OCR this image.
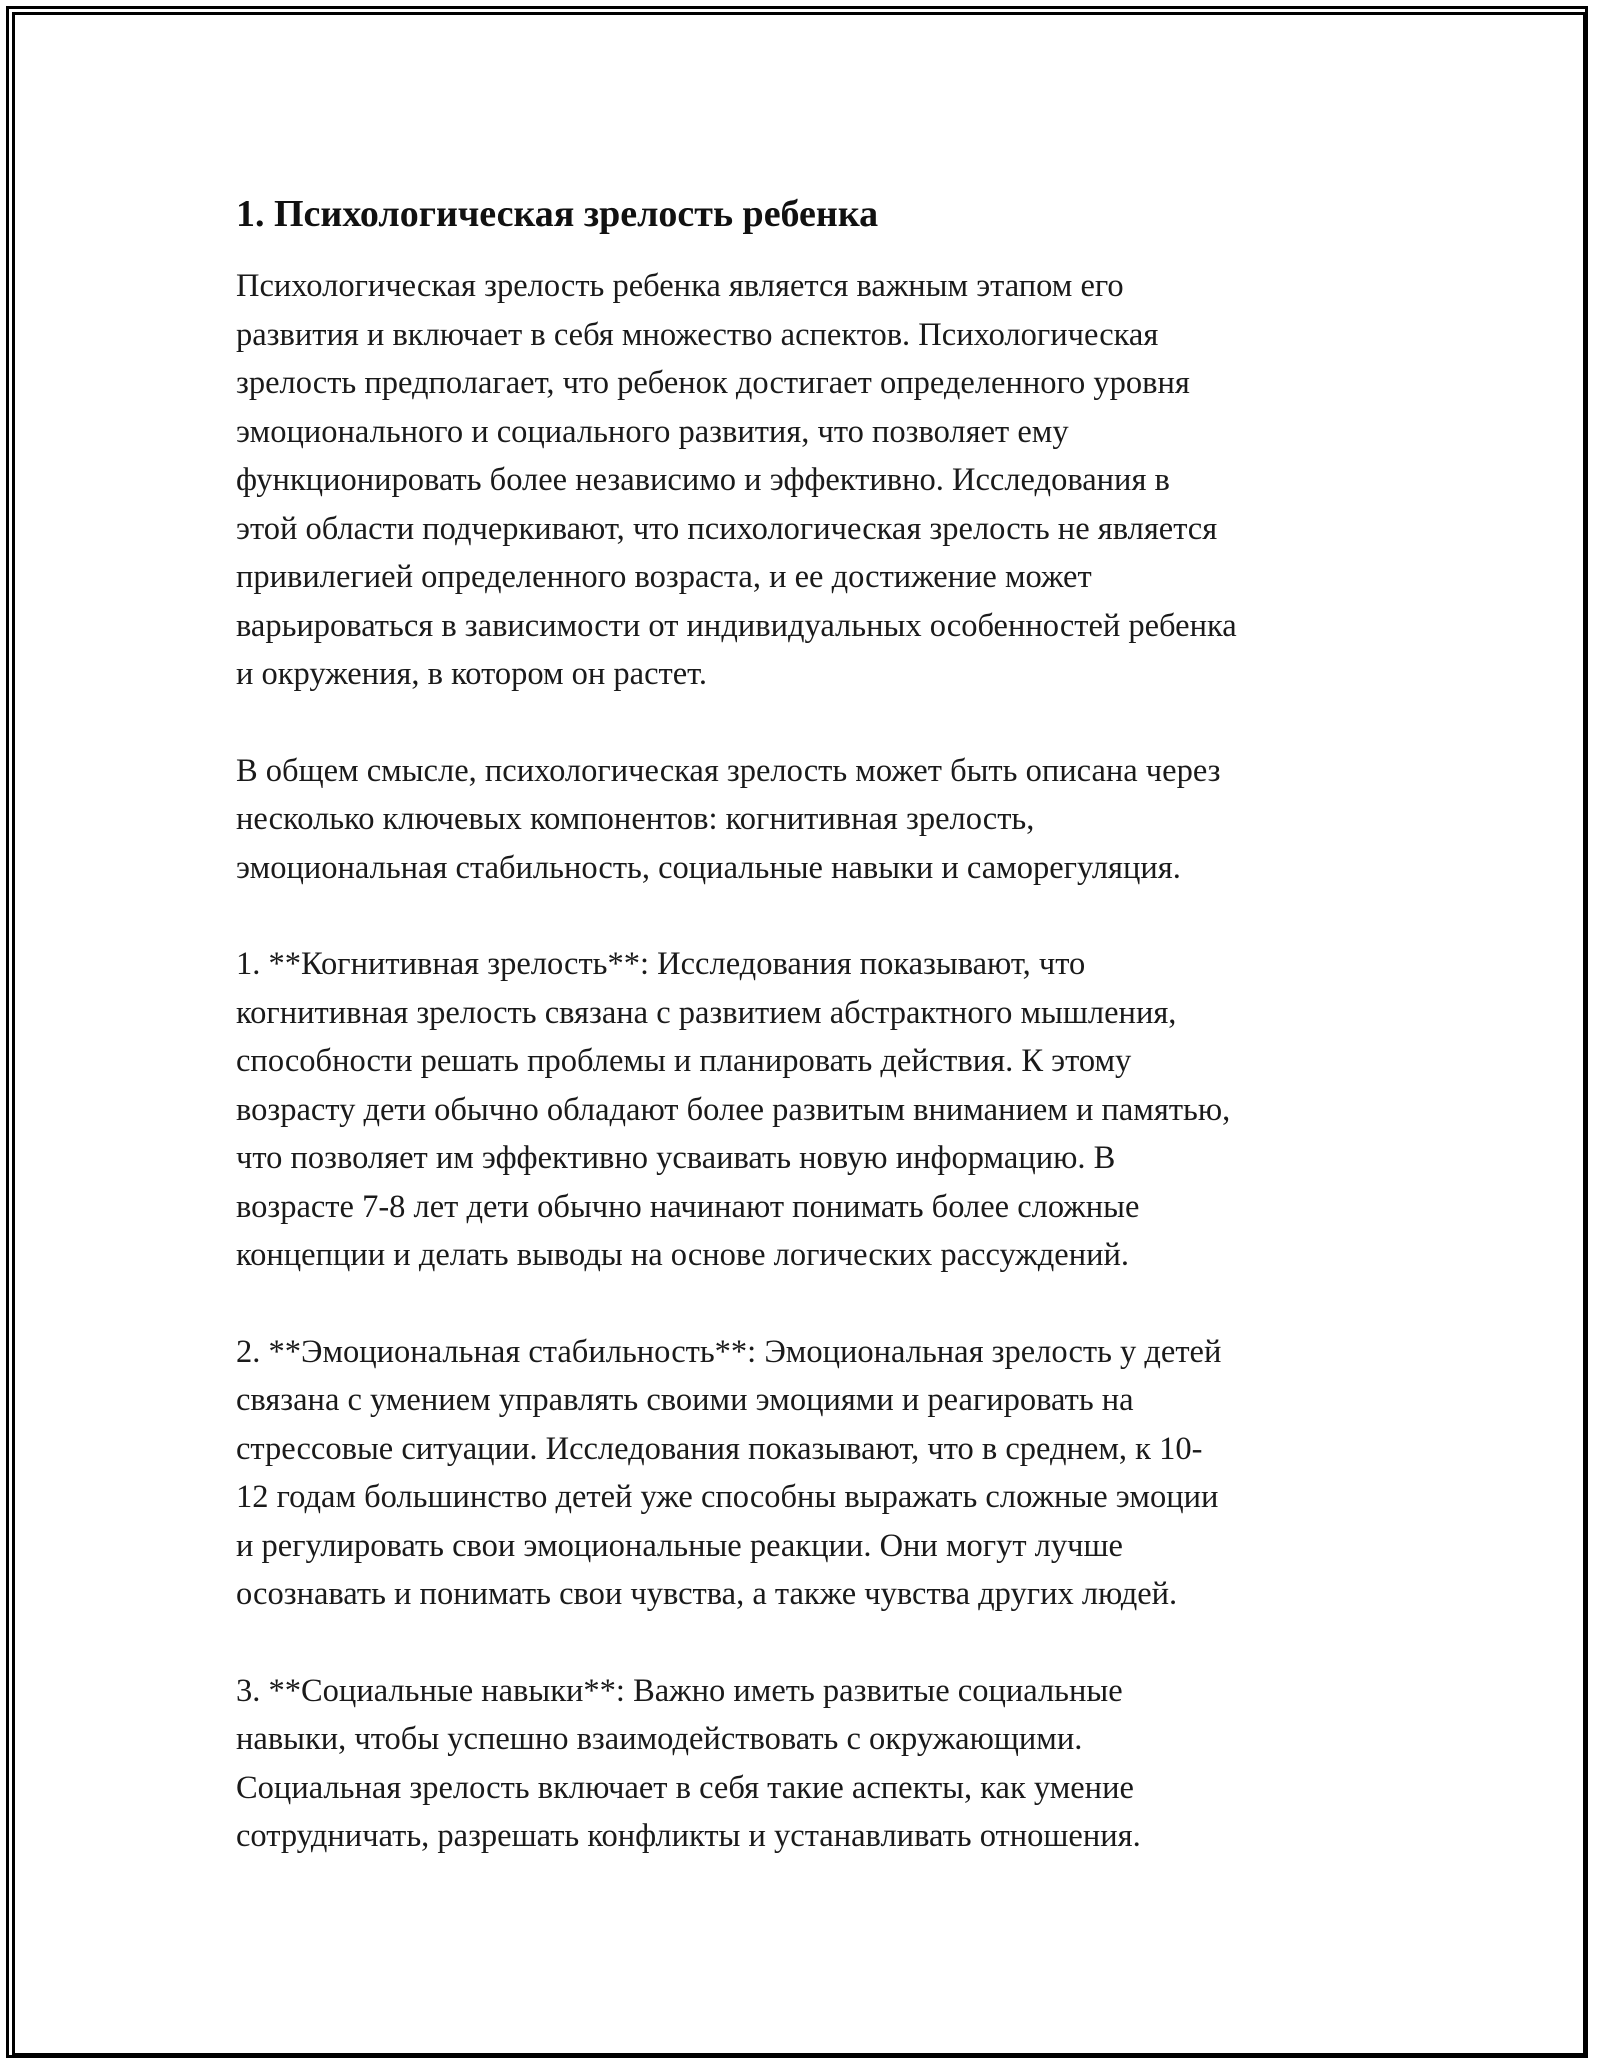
1. Психологическая зрелость ребенка

Психологическая зрелость ребенка является важным этапом его
развития и включает в себя множество аспектов. Психологическая
зрелость предполагает, что ребенок достигает определенного уровня
эмоционального и социального развития, что позволяет ему
функционировать более независимо и эффективно. Исследования в
этой области подчеркивают, что психологическая зрелость не является
привилегией определенного возраста, и ее достижение может
варьироваться в зависимости от индивидуальных особенностей ребенка
и окружения, в котором он растет.

В общем смысле, психологическая зрелость может быть описана через
несколько ключевых компонентов: когнитивная зрелость,
эмоциональная стабильность, социальные навыки и саморегуляция.

1. **Когнитивная зрелость**: Исследования показывают, что
когнитивная зрелость связана с развитием абстрактного мышления,
способности решать проблемы и планировать действия. К этому
возрасту дети обычно обладают более развитым вниманием и памятью,
что позволяет им эффективно усваивать новую информацию. В
возрасте 7-8 лет дети обычно начинают понимать более сложные
концепции и делать выводы на основе логических рассуждений.

2. **Эмоциональная стабильность**: Эмоциональная зрелость у детей
связана с умением управлять своими эмоциями и реагировать на
стрессовые ситуации. Исследования показывают, что в среднем, к 10-
12 годам большинство детей уже способны выражать сложные эмоции
и регулировать свои эмоциональные реакции. Они могут лучше
осознавать и понимать свои чувства, а также чувства других людей.

3. **Социальные навыки**: Важно иметь развитые социальные
навыки, чтобы успешно взаимодействовать с окружающими.
Социальная зрелость включает в себя такие аспекты, как умение
сотрудничать, разрешать конфликты и устанавливать отношения.
